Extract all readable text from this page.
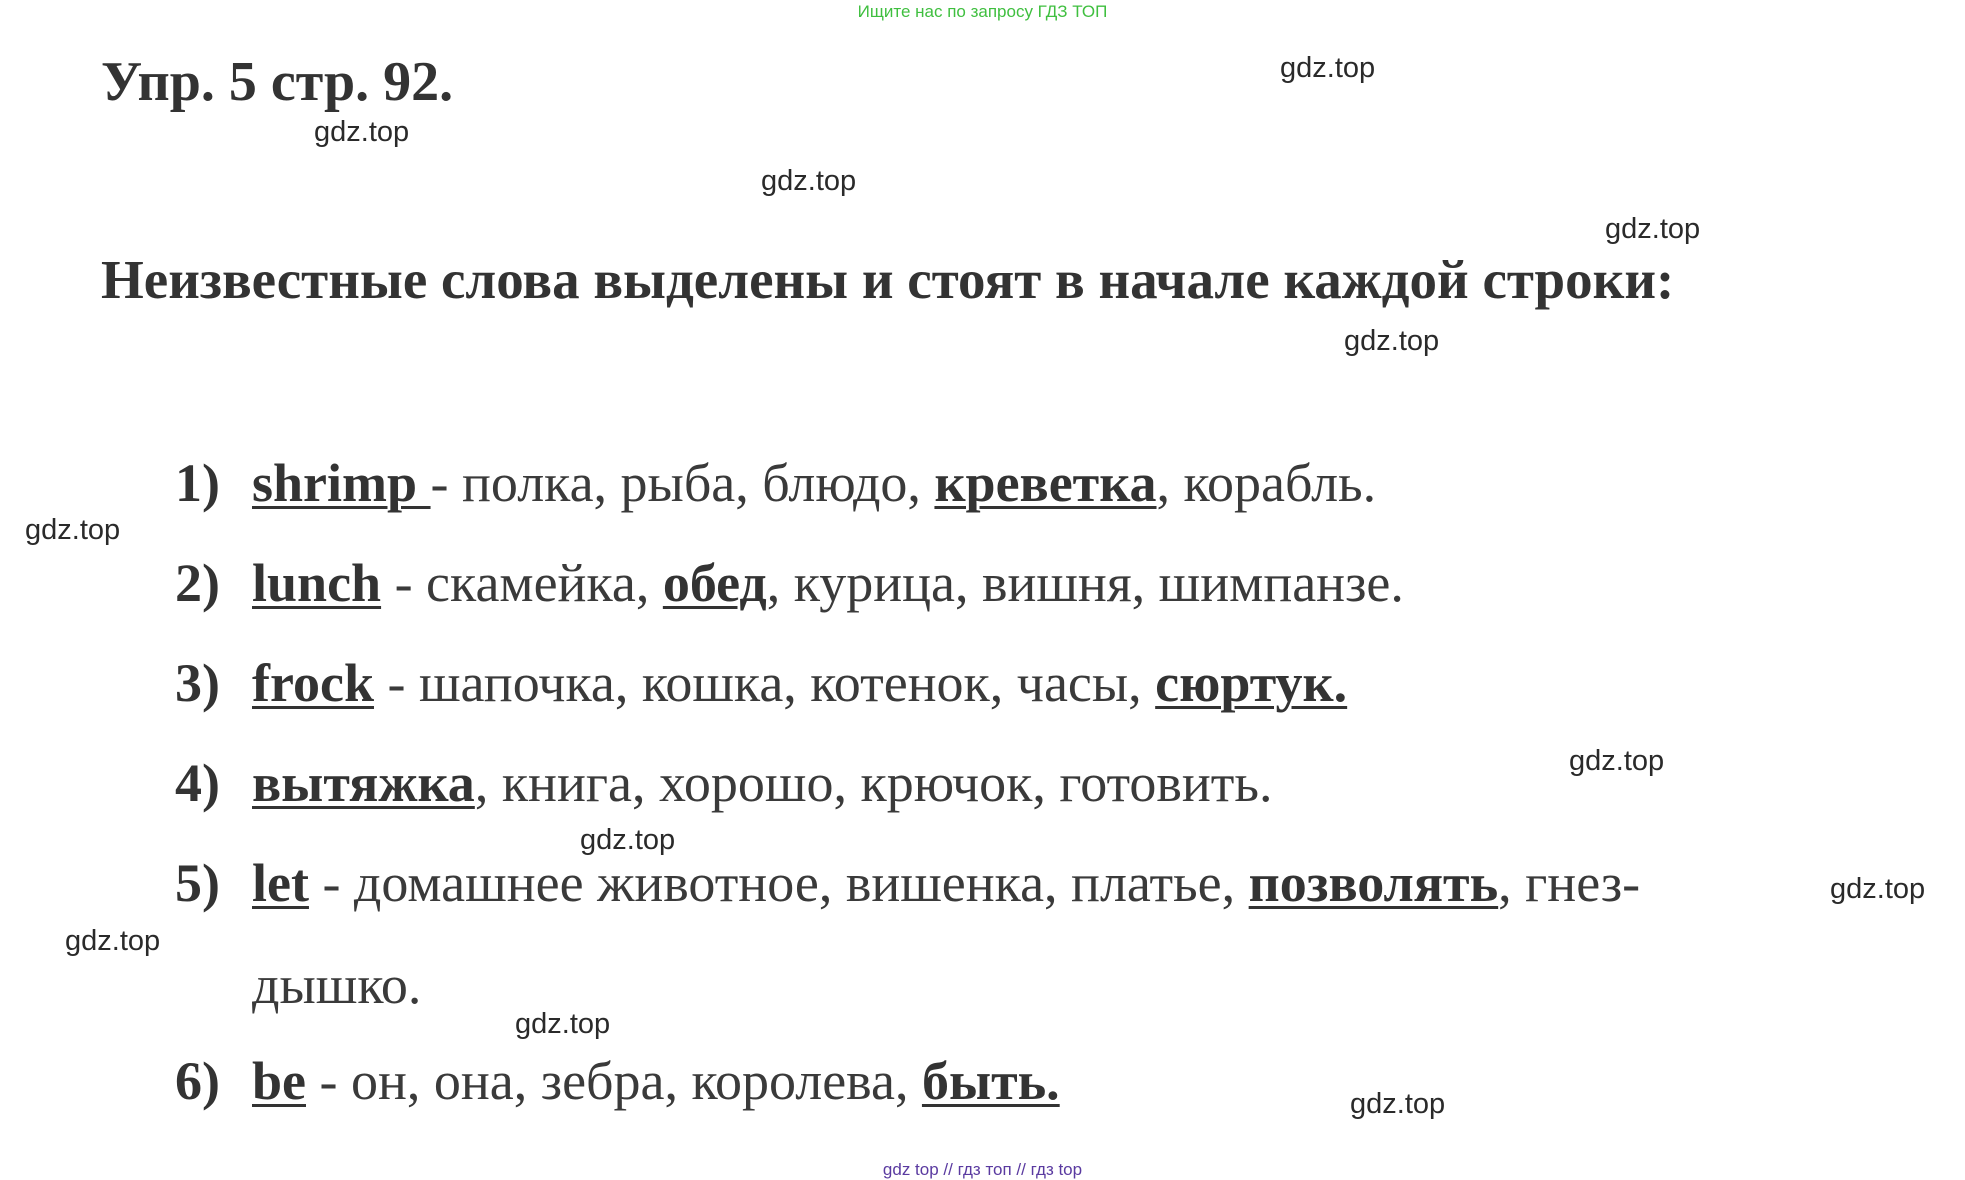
Ищите нас по запросу ГДЗ ТОП
Упр. 5 стр. 92.
Неизвестные слова выделены и стоят в начале каждой строки:
gdz.top
gdz.top
gdz.top
gdz.top
gdz.top
gdz.top
gdz.top
gdz.top
gdz.top
gdz.top
gdz.top
gdz.top
1) shrimp - полка, рыба, блюдо, креветка, корабль.
2) lunch - скамейка, обед, курица, вишня, шимпанзе.
3) frock - шапочка, кошка, котенок, часы, сюртук.
4) вытяжка, книга, хорошо, крючок, готовить.
5) let - домашнее животное, вишенка, платье, позволять, гнез-
дышко.
6) be - он, она, зебра, королева, быть.
gdz top // гдз топ // гдз top
